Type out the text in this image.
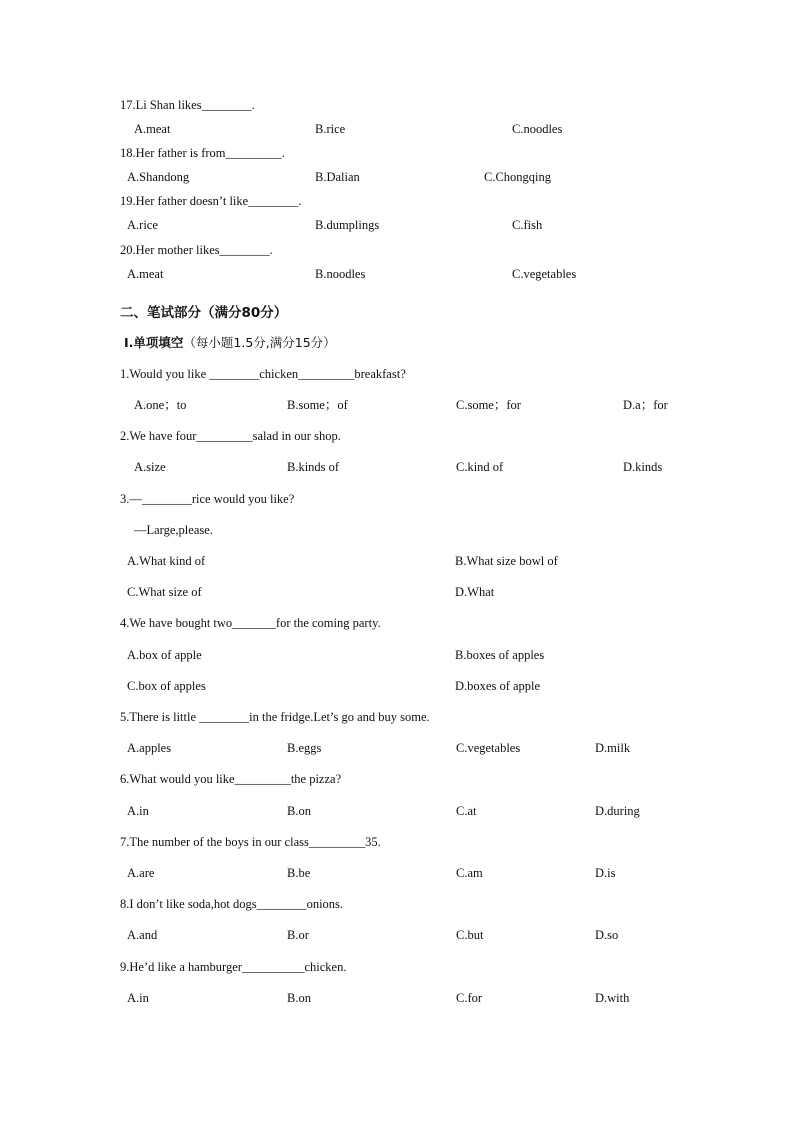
17.Li Shan likes________.
A.meat	B.rice	C.noodles
18.Her father is from_________.
A.Shandong	B.Dalian	C.Chongqing
19.Her father doesn’t like________.
A.rice	B.dumplings	C.fish
20.Her mother likes________.
A.meat	B.noodles	C.vegetables
二、笔试部分（满分80分）
Ⅰ.单项填空（每小题1.5分,满分15分）
1.Would you like ________chicken_________breakfast?
A.one；to	B.some；of	C.some；for	D.a；for
2.We have four_________salad in our shop.
A.size	B.kinds of	C.kind of	D.kinds
3.—________rice would you like?
—Large,please.
A.What kind of	B.What size bowl of
C.What size of	D.What
4.We have bought two_______for the coming party.
A.box of apple	B.boxes of apples
C.box of apples	D.boxes of apple
5.There is little ________in the fridge.Let’s go and buy some.
A.apples	B.eggs	C.vegetables	D.milk
6.What would you like_________the pizza?
A.in	B.on	C.at	D.during
7.The number of the boys in our class_________35.
A.are	B.be	C.am	D.is
8.I don’t like soda,hot dogs________onions.
A.and	B.or	C.but	D.so
9.He’d like a hamburger__________chicken.
A.in	B.on	C.for	D.with
